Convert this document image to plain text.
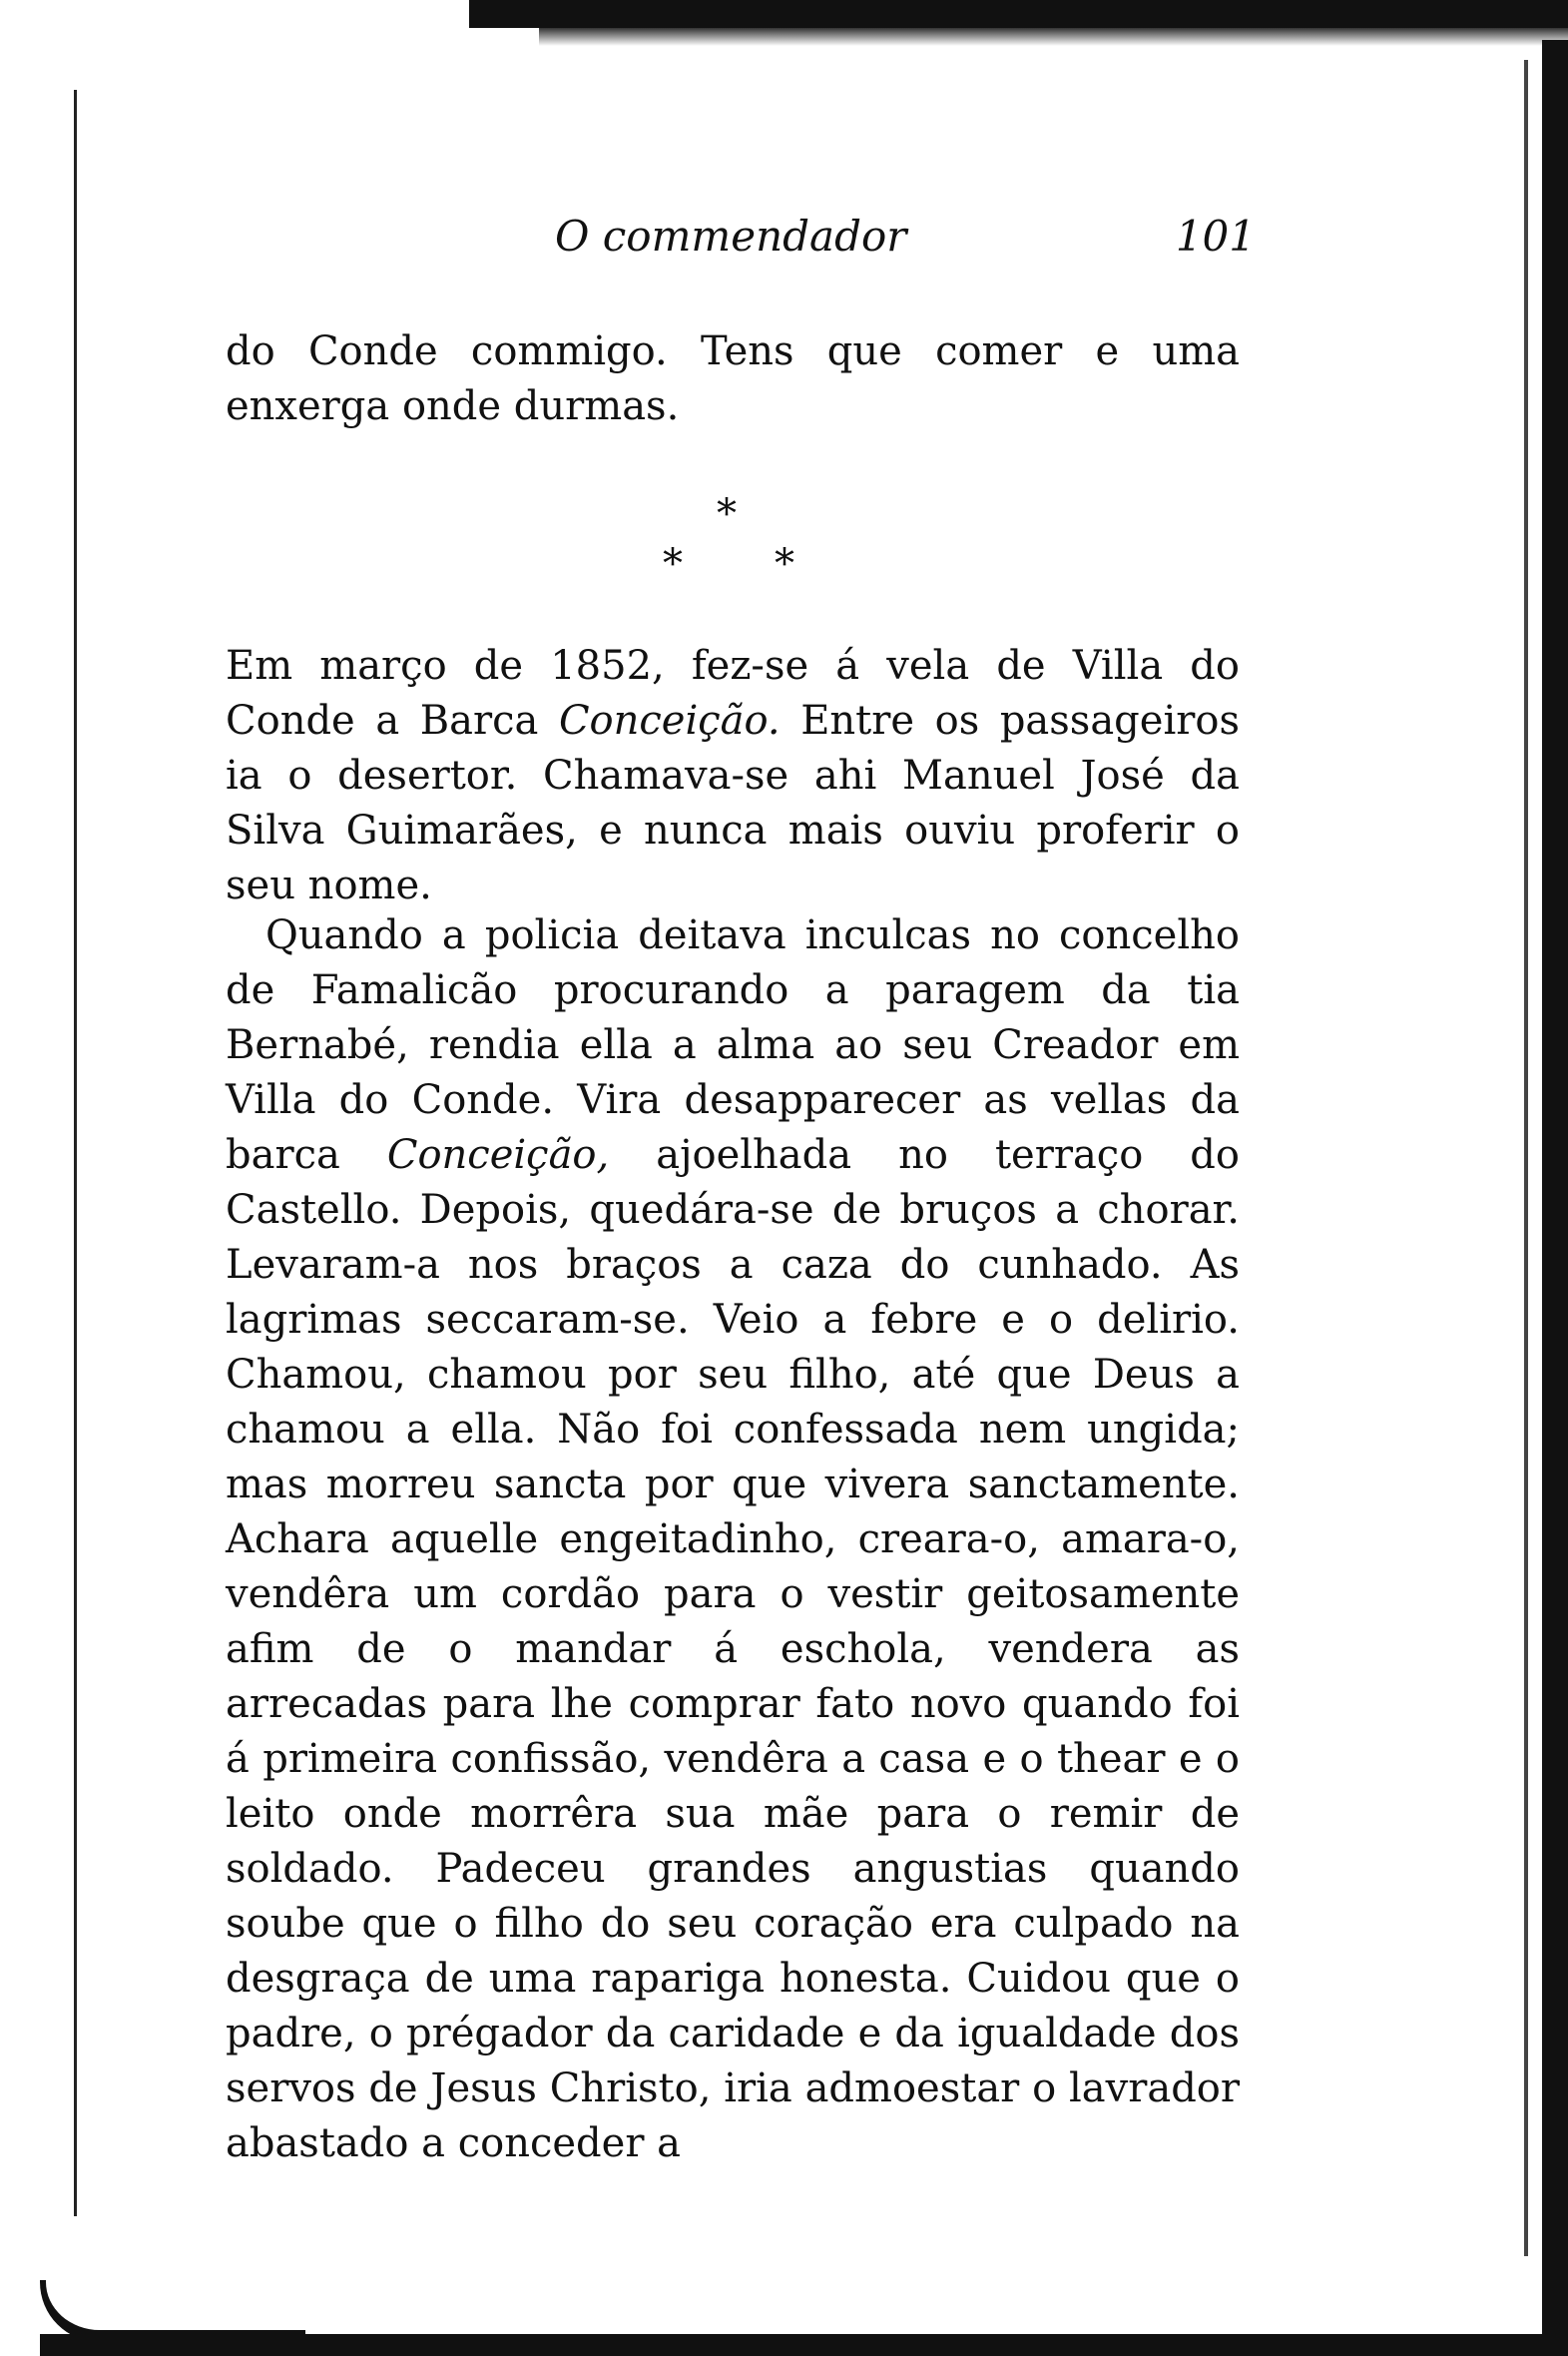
O commendador	101

do Conde commigo. Tens que comer e uma enxerga onde durmas.

*
* *

Em março de 1852, fez-se á vela de Villa do Conde a Barca Conceição. Entre os passageiros ia o desertor. Chamava-se ahi Manuel José da Silva Guimarães, e nunca mais ouviu proferir o seu nome.

Quando a policia deitava inculcas no concelho de Famalicão procurando a paragem da tia Bernabé, rendia ella a alma ao seu Creador em Villa do Conde. Vira desapparecer as vellas da barca Conceição, ajoelhada no terraço do Castello. Depois, quedára-se de bruços a chorar. Levaram-a nos braços a caza do cunhado. As lagrimas seccaram-se. Veio a febre e o delirio. Chamou, chamou por seu filho, até que Deus a chamou a ella. Não foi confessada nem ungida; mas morreu sancta por que vivera sanctamente. Achara aquelle engeitadinho, creara-o, amara-o, vendêra um cordão para o vestir geitosamente afim de o mandar á eschola, vendera as arrecadas para lhe comprar fato novo quando foi á primeira confissão, vendêra a casa e o thear e o leito onde morrêra sua mãe para o remir de soldado. Padeceu grandes angustias quando soube que o filho do seu coração era culpado na desgraça de uma rapariga honesta. Cuidou que o padre, o prégador da caridade e da igualdade dos servos de Jesus Christo, iria admoestar o lavrador abastado a conceder a
